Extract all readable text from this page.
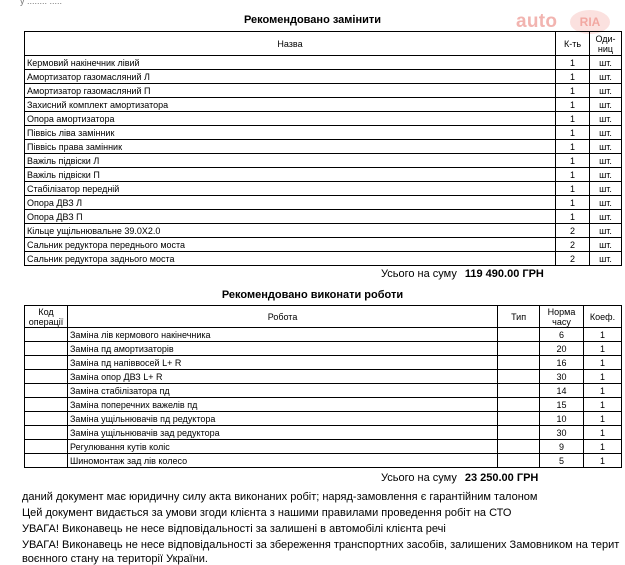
у ........ .....
auto	RIA
Рекомендовано замінити
Назва	К-ть	Оди-ниц
Кермовий накінечник лівий	1	шт.
Амортизатор газомасляний Л	1	шт.
Амортизатор газомасляний П	1	шт.
Захисний комплект амортизатора	1	шт.
Опора амортизатора	1	шт.
Піввісь ліва замінник	1	шт.
Піввісь права замінник	1	шт.
Важіль підвіски Л	1	шт.
Важіль підвіски П	1	шт.
Стабілізатор передній	1	шт.
Опора ДВЗ Л	1	шт.
Опора ДВЗ П	1	шт.
Кільце ущільнювальне 39.0X2.0	2	шт.
Сальник редуктора переднього моста	2	шт.
Сальник редуктора заднього моста	2	шт.
Усього на суму 119 490.00 ГРН
Рекомендовано виконати роботи
Код операції	Робота	Тип	Норма часу	Коеф.
	Заміна лів кермового накінечника		6	1
	Заміна пд амортизаторів		20	1
	Заміна пд напіввосей L+ R		16	1
	Заміна опор ДВЗ L+ R		30	1
	Заміна стабілізатора пд		14	1
	Заміна поперечних важелів пд		15	1
	Заміна ущільнювачів пд редуктора		10	1
	Заміна ущільнювачів зад редуктора		30	1
	Регулювання кутів коліс		9	1
	Шиномонтаж зад лів колесо		5	1
Усього на суму 23 250.00 ГРН
даний документ має юридичну силу акта виконаних робіт; наряд-замовлення є гарантійним талоном
Цей документ видається за умови згоди клієнта з нашими правилами проведення робіт на СТО
УВАГА! Виконавець не несе відповідальності за залишені в автомобілі клієнта речі
УВАГА! Виконавець не несе відповідальності за збереження транспортних засобів, залишених Замовником на терит
воєнного стану на території України.
